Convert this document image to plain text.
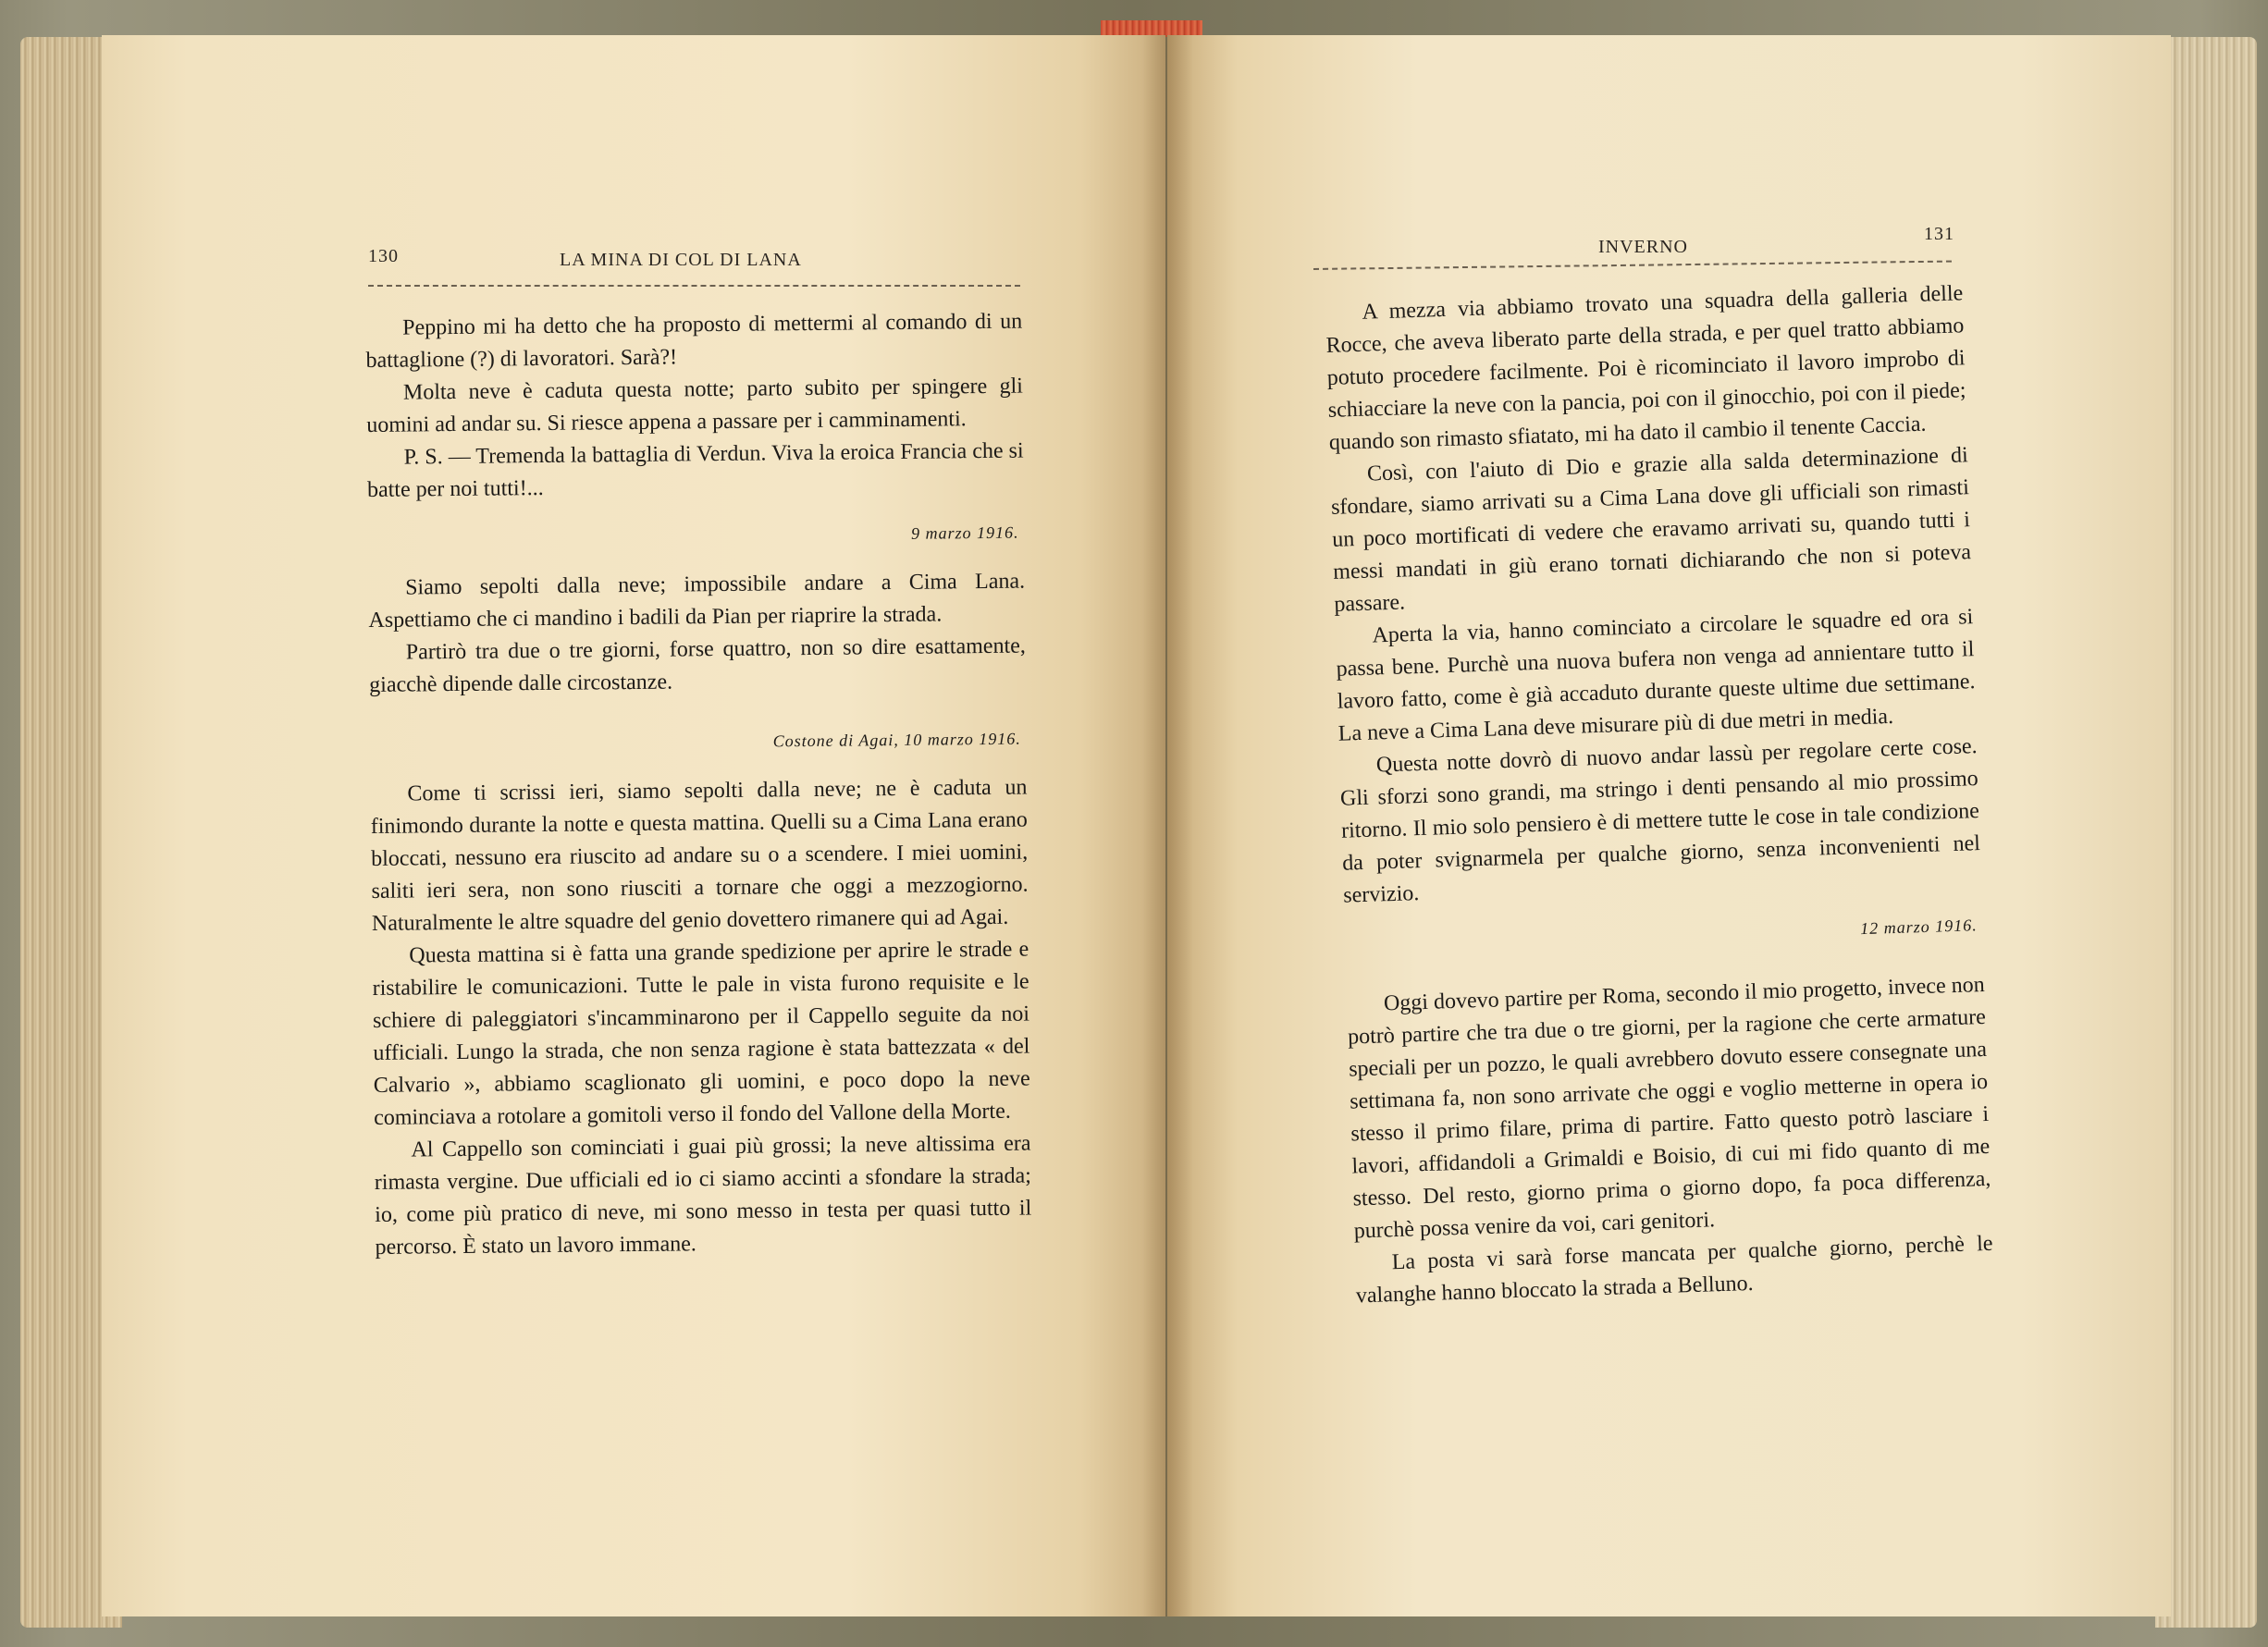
130	LA MINA DI COL DI LANA
INVERNO
131

Peppino mi ha detto che ha proposto di mettermi al comando di un battaglione (?) di lavoratori. Sarà?!

Molta neve è caduta questa notte; parto subito per spingere gli uomini ad andar su. Si riesce appena a passare per i camminamenti.

P. S. — Tremenda la battaglia di Verdun. Viva la eroica Francia che si batte per noi tutti!...

9 marzo 1916.

Siamo sepolti dalla neve; impossibile andare a Cima Lana. Aspettiamo che ci mandino i badili da Pian per riaprire la strada.

Partirò tra due o tre giorni, forse quattro, non so dire esattamente, giacchè dipende dalle circostanze.

Costone di Agai, 10 marzo 1916.

Come ti scrissi ieri, siamo sepolti dalla neve; ne è caduta un finimondo durante la notte e questa mattina. Quelli su a Cima Lana erano bloccati, nessuno era riuscito ad andare su o a scendere. I miei uomini, saliti ieri sera, non sono riusciti a tornare che oggi a mezzogiorno. Naturalmente le altre squadre del genio dovettero rimanere qui ad Agai.

Questa mattina si è fatta una grande spedizione per aprire le strade e ristabilire le comunicazioni. Tutte le pale in vista furono requisite e le schiere di paleggiatori s'incamminarono per il Cappello seguite da noi ufficiali. Lungo la strada, che non senza ragione è stata battezzata « del Calvario », abbiamo scaglionato gli uomini, e poco dopo la neve cominciava a rotolare a gomitoli verso il fondo del Vallone della Morte.

Al Cappello son cominciati i guai più grossi; la neve altissima era rimasta vergine. Due ufficiali ed io ci siamo accinti a sfondare la strada; io, come più pratico di neve, mi sono messo in testa per quasi tutto il percorso. È stato un lavoro immane.

A mezza via abbiamo trovato una squadra della galleria delle Rocce, che aveva liberato parte della strada, e per quel tratto abbiamo potuto procedere facilmente. Poi è ricominciato il lavoro improbo di schiacciare la neve con la pancia, poi con il ginocchio, poi con il piede; quando son rimasto sfiatato, mi ha dato il cambio il tenente Caccia.

Così, con l'aiuto di Dio e grazie alla salda determinazione di sfondare, siamo arrivati su a Cima Lana dove gli ufficiali son rimasti un poco mortificati di vedere che eravamo arrivati su, quando tutti i messi mandati in giù erano tornati dichiarando che non si poteva passare.

Aperta la via, hanno cominciato a circolare le squadre ed ora si passa bene. Purchè una nuova bufera non venga ad annientare tutto il lavoro fatto, come è già accaduto durante queste ultime due settimane. La neve a Cima Lana deve misurare più di due metri in media.

Questa notte dovrò di nuovo andar lassù per regolare certe cose. Gli sforzi sono grandi, ma stringo i denti pensando al mio prossimo ritorno. Il mio solo pensiero è di mettere tutte le cose in tale condizione da poter svignarmela per qualche giorno, senza inconvenienti nel servizio.

12 marzo 1916.

Oggi dovevo partire per Roma, secondo il mio progetto, invece non potrò partire che tra due o tre giorni, per la ragione che certe armature speciali per un pozzo, le quali avrebbero dovuto essere consegnate una settimana fa, non sono arrivate che oggi e voglio metterne in opera io stesso il primo filare, prima di partire. Fatto questo potrò lasciare i lavori, affidandoli a Grimaldi e Boisio, di cui mi fido quanto di me stesso. Del resto, giorno prima o giorno dopo, fa poca differenza, purchè possa venire da voi, cari genitori.

La posta vi sarà forse mancata per qualche giorno, perchè le valanghe hanno bloccato la strada a Belluno.
